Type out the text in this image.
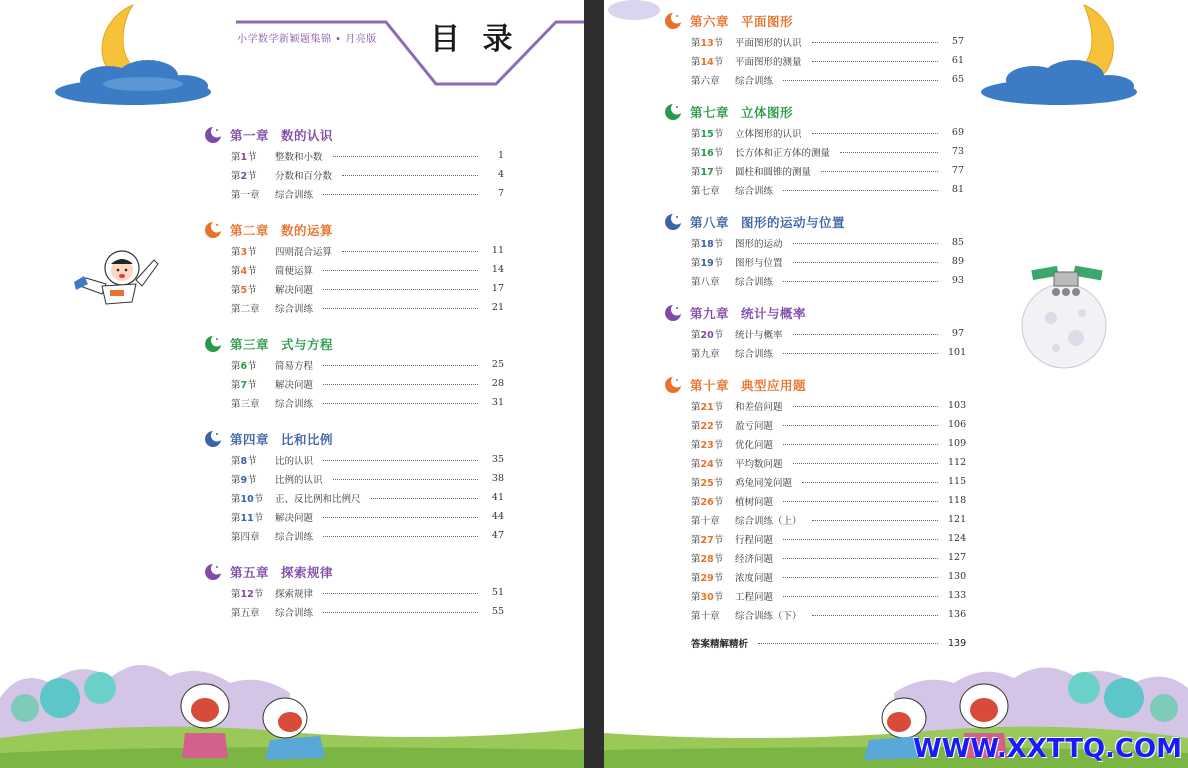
小学数学新颖题集锦 • 月亮版 目 录
第一章 数的认识
第1节	整数和小数	1
第2节	分数和百分数	4
第一章	综合训练	7
第二章 数的运算
第3节	四则混合运算	11
第4节	简便运算	14
第5节	解决问题	17
第二章	综合训练	21
第三章 式与方程
第6节	简易方程	25
第7节	解决问题	28
第三章	综合训练	31
第四章 比和比例
第8节	比的认识	35
第9节	比例的认识	38
第10节	正、反比例和比例尺	41
第11节	解决问题	44
第四章	综合训练	47
第五章 探索规律
第12节	探索规律	51
第五章	综合训练	55
第六章 平面图形
第13节	平面图形的认识	57
第14节	平面图形的测量	61
第六章	综合训练	65
第七章 立体图形
第15节	立体图形的认识	69
第16节	长方体和正方体的测量	73
第17节	圆柱和圆锥的测量	77
第七章	综合训练	81
第八章 图形的运动与位置
第18节	图形的运动	85
第19节	图形与位置	89
第八章	综合训练	93
第九章 统计与概率
第20节	统计与概率	97
第九章	综合训练	101
第十章 典型应用题
第21节	和差倍问题	103
第22节	盈亏问题	106
第23节	优化问题	109
第24节	平均数问题	112
第25节	鸡兔同笼问题	115
第26节	植树问题	118
第十章	综合训练（上）	121
第27节	行程问题	124
第28节	经济问题	127
第29节	浓度问题	130
第30节	工程问题	133
第十章	综合训练（下）	136
答案精解精析	139
WWW.XXTTQ.COM
